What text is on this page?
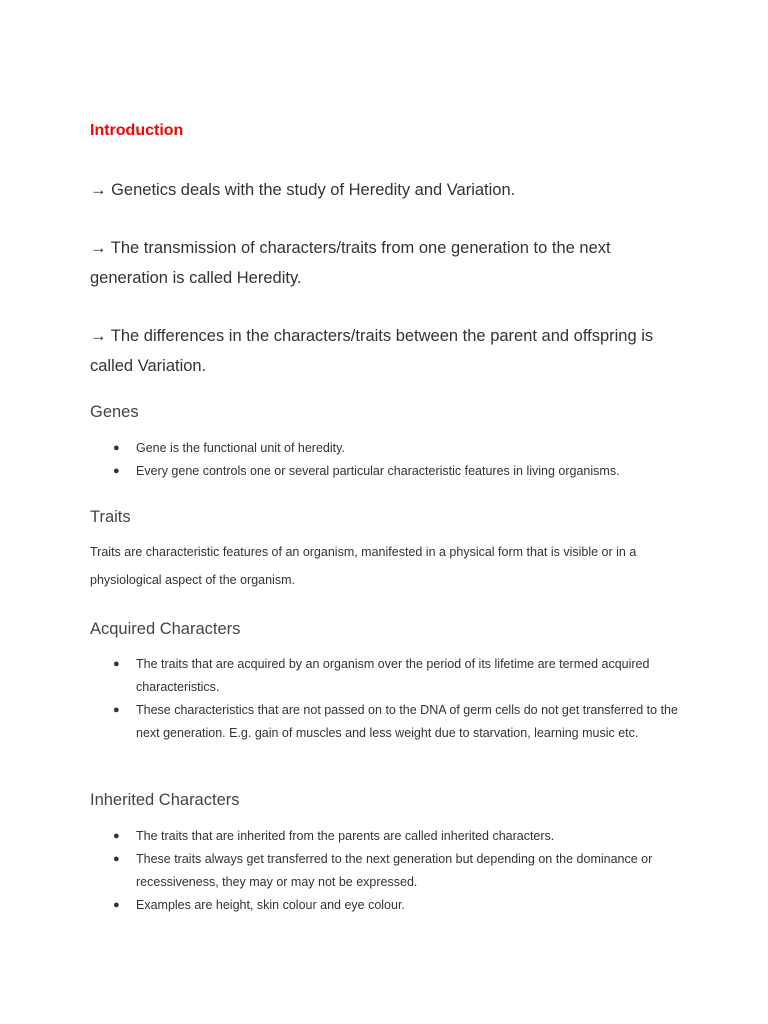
Introduction

→ Genetics deals with the study of Heredity and Variation.

→ The transmission of characters/traits from one generation to the next generation is called Heredity.

→ The differences in the characters/traits between the parent and offspring is called Variation.

Genes
● Gene is the functional unit of heredity.
● Every gene controls one or several particular characteristic features in living organisms.
Traits

Traits are characteristic features of an organism, manifested in a physical form that is visible or in a physiological aspect of the organism.

Acquired Characters
● The traits that are acquired by an organism over the period of its lifetime are termed acquired characteristics.
● These characteristics that are not passed on to the DNA of germ cells do not get transferred to the next generation. E.g. gain of muscles and less weight due to starvation, learning music etc.
Inherited Characters
● The traits that are inherited from the parents are called inherited characters.
● These traits always get transferred to the next generation but depending on the dominance or recessiveness, they may or may not be expressed.
● Examples are height, skin colour and eye colour.
